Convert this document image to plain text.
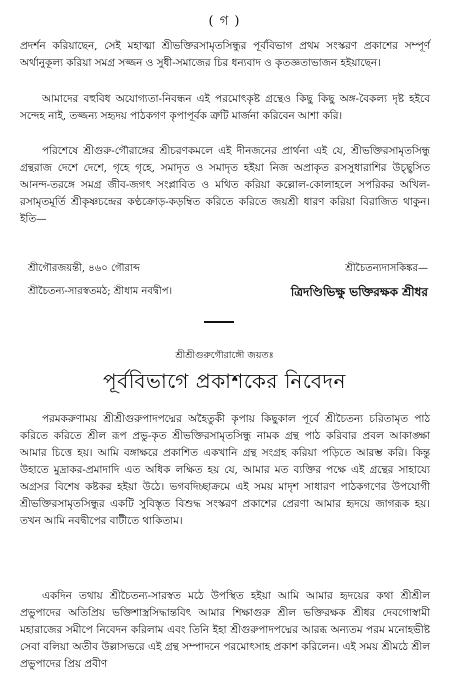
( গ )

প্রদর্শন করিয়াছেন, সেই মহাত্মা শ্রীভক্তিরসামৃতসিন্ধুর পূর্ববিভাগ প্রথম সংস্করণ প্রকাশের সম্পূর্ণ অর্থানুকূল্য করিয়া সমগ্র সজ্জন ও সুধী-সমাজের চির ধন্যবাদ ও কৃতজ্ঞতাভাজন হইয়াছেন।

আমাদের বহুবিধ অযোগ্যতা-নিবন্ধন এই পরমোৎকৃষ্ট গ্রন্থেও কিছু কিছু অঙ্গ-বৈকল্য দৃষ্ট হইবে সন্দেহ নাই, তজ্জন্য সহৃদয় পাঠকগণ কৃপাপূর্বক ত্রুটি মার্জনা করিবেন আশা করি।

পরিশেষে শ্রীগুরু-গৌরাঙ্গের শ্রীচরণকমলে এই দীনজনের প্রার্থনা এই যে, শ্রীভক্তিরসামৃতসিন্ধু গ্রন্থরাজ দেশে দেশে, গৃহে গৃহে, সমাদৃত ও সমাদৃত হইয়া নিজ অপ্রাকৃত রসসুধারাশির উচ্ছ্বসিত আনন্দ-তরঙ্গে সমগ্র জীব-জগৎ সংপ্লাবিত ও মথিত করিয়া কল্লোল-কোলাহলে সপরিকর অখিল-রসামৃতমূর্তি শ্রীকৃষ্ণচন্দ্রের কণ্ঠক্রোড়-কড়ম্বিত করিতে করিতে জয়শ্রী ধারণ করিয়া বিরাজিত থাকুন। ইতি—

শ্রীগৌরজয়ন্তী, ৪৬০ গৌরাব্দ	শ্রীচৈতন্যদাসকিঙ্কর—
শ্রীচৈতন্য-সারস্বতমঠ; শ্রীধাম নবদ্বীপ।	ত্রিদণ্ডিভিক্ষু ভক্তিরক্ষক শ্রীধর
শ্রীশ্রীগুরুগৌরাঙ্গৌ জয়তঃ
পূর্ববিভাগে প্রকাশকের নিবেদন

পরমকরুণাময় শ্রীশ্রীগুরুপাদপদ্মের অহৈতুকী কৃপায় কিছুকাল পূর্বে শ্রীচৈতন্য চরিতামৃত পাঠ করিতে করিতে শ্রীল রূপ প্রভু-কৃত শ্রীভক্তিরসামৃতসিন্ধু নামক গ্রন্থ পাঠ করিবার প্রবল আকাঙ্ক্ষা আমার চিত্তে হয়। আমি বঙ্গাক্ষরে প্রকাশিত একখানি গ্রন্থ সংগ্রহ করিয়া পড়িতে আরম্ভ করি। কিন্তু উহাতে মুদ্রাকর-প্রমাদাদি এত অধিক লক্ষিত হয় যে, আমার মত ব্যক্তির পক্ষে এই গ্রন্থের সাহায্যে অগ্রসর বিশেষ কষ্টকর হইয়া উঠে। ভগবদিচ্ছাক্রমে এই সময় মাদৃশ সাধারণ পাঠকগণের উপযোগী শ্রীভক্তিরসামৃতসিন্ধুর একটি সুবিস্তৃত বিশুদ্ধ সংস্করণ প্রকাশের প্রেরণা আমার হৃদয়ে জাগরূক হয়। তখন আমি নবদ্বীপের বাটীতে থাকিতাম।

একদিন তথায় শ্রীচৈতন্য-সারস্বত মঠে উপস্থিত হইয়া আমি আমার হৃদয়ের কথা শ্রীশ্রীল প্রভুপাদের অতিপ্রিয় ভক্তিশাস্ত্রসিদ্ধান্তবিৎ আমার শিক্ষাগুরু শ্রীল ভক্তিরক্ষক শ্রীধর দেবগোস্বামী মহারাজের সমীপে নিবেদন করিলাম এবং তিনি ইহা শ্রীগুরুপাদপদ্মের আরব্ধ অন্যতম পরম মনোহভীষ্ট সেবা বলিয়া অতীব উল্লাসভরে এই গ্রন্থ সম্পাদনে পরমোৎসাহ প্রকাশ করিলেন। এই সময় শ্রীমঠে শ্রীল প্রভুপাদের প্রিয় প্রবীণ
